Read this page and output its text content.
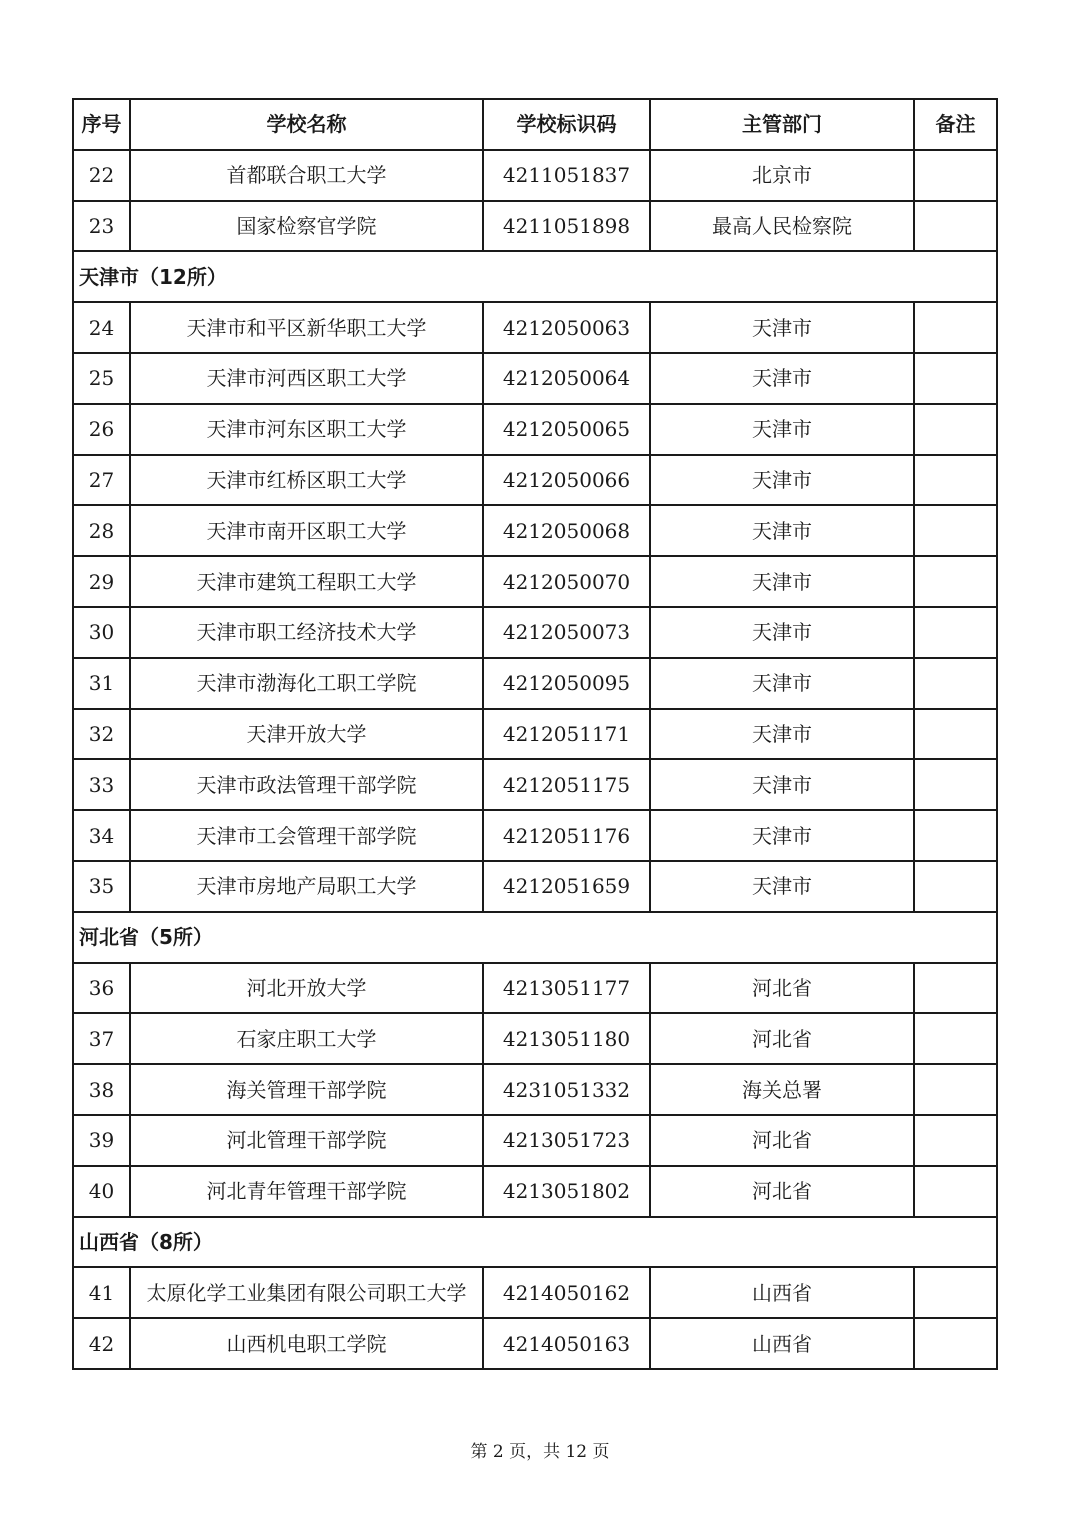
序号	学校名称	学校标识码	主管部门	备注
22	首都联合职工大学	4211051837	北京市	
23	国家检察官学院	4211051898	最高人民检察院	
天津市（12所）				
24	天津市和平区新华职工大学	4212050063	天津市	
25	天津市河西区职工大学	4212050064	天津市	
26	天津市河东区职工大学	4212050065	天津市	
27	天津市红桥区职工大学	4212050066	天津市	
28	天津市南开区职工大学	4212050068	天津市	
29	天津市建筑工程职工大学	4212050070	天津市	
30	天津市职工经济技术大学	4212050073	天津市	
31	天津市渤海化工职工学院	4212050095	天津市	
32	天津开放大学	4212051171	天津市	
33	天津市政法管理干部学院	4212051175	天津市	
34	天津市工会管理干部学院	4212051176	天津市	
35	天津市房地产局职工大学	4212051659	天津市	
河北省（5所）				
36	河北开放大学	4213051177	河北省	
37	石家庄职工大学	4213051180	河北省	
38	海关管理干部学院	4231051332	海关总署	
39	河北管理干部学院	4213051723	河北省	
40	河北青年管理干部学院	4213051802	河北省	
山西省（8所）				
41	太原化学工业集团有限公司职工大学	4214050162	山西省	
42	山西机电职工学院	4214050163	山西省	
第 2 页，共 12 页
